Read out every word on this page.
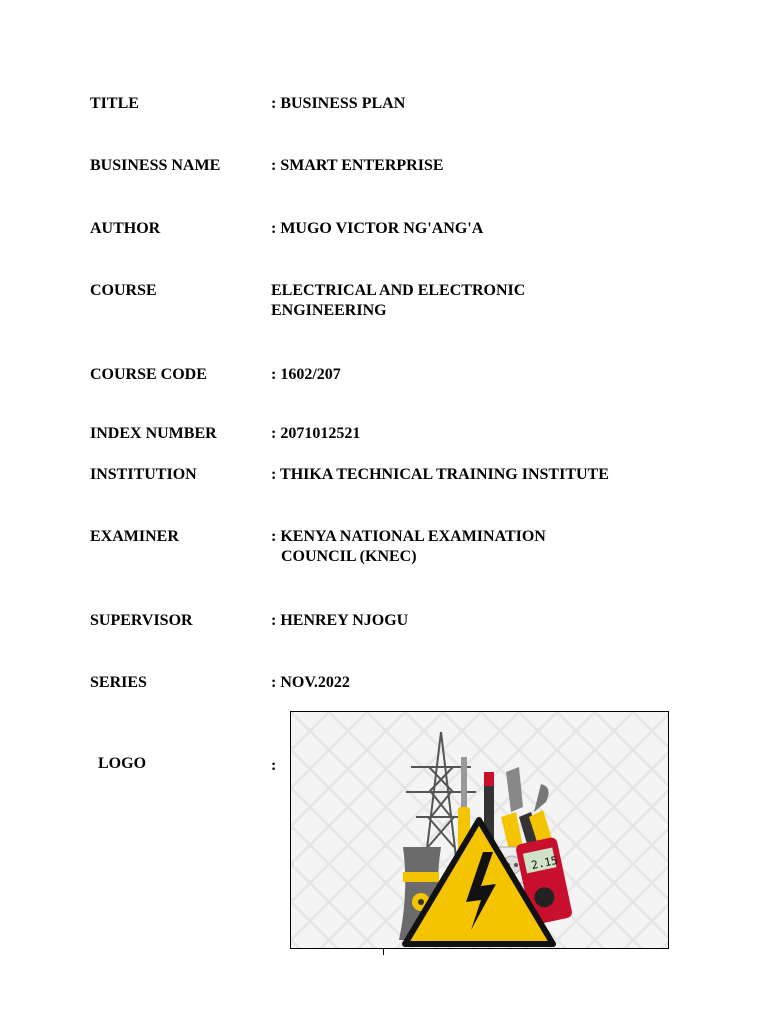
TITLE	: BUSINESS PLAN
BUSINESS NAME	: SMART ENTERPRISE
AUTHOR	: MUGO VICTOR NG'ANG'A
COURSE	ELECTRICAL AND ELECTRONIC
ENGINEERING
COURSE CODE	: 1602/207
INDEX NUMBER	: 2071012521
INSTITUTION	: THIKA TECHNICAL TRAINING INSTITUTE
EXAMINER	: KENYA NATIONAL EXAMINATION
COUNCIL (KNEC)
SUPERVISOR	: HENREY NJOGU
SERIES	: NOV.2022
LOGO	:
2.15
